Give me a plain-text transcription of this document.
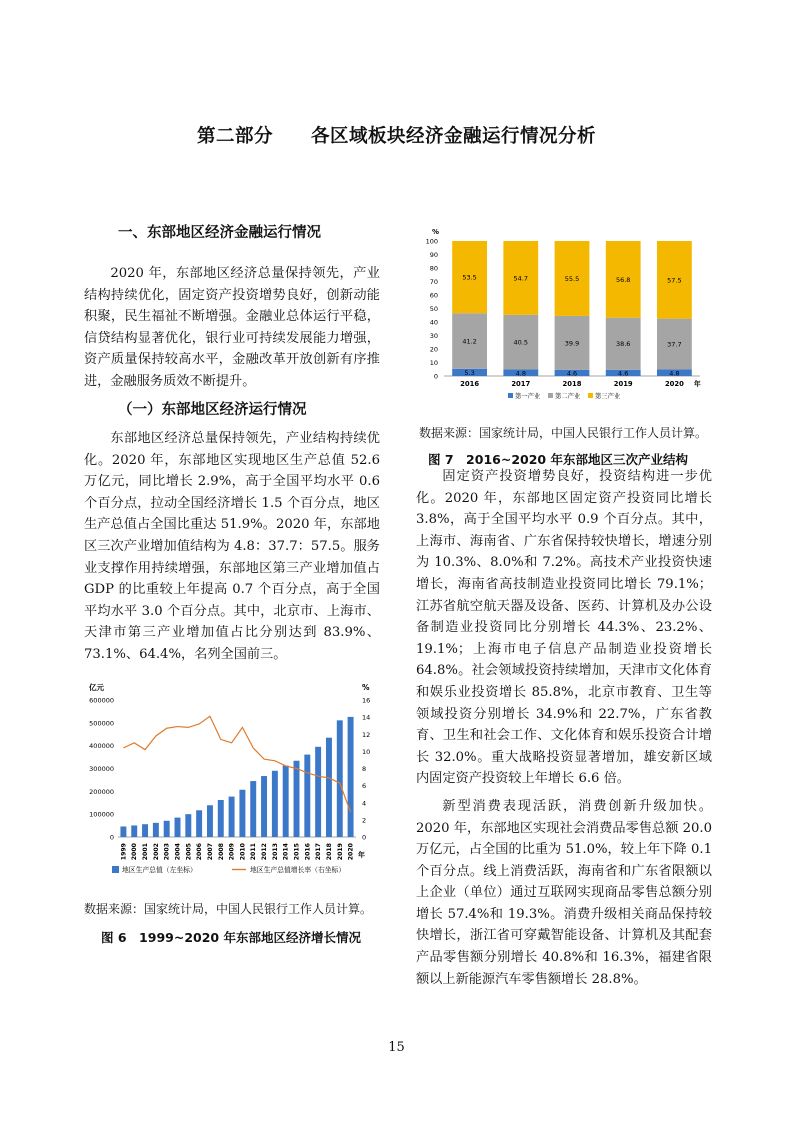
第二部分 各区域板块经济金融运行情况分析
一、东部地区经济金融运行情况

2020 年，东部地区经济总量保持领先，产业结构持续优化，固定资产投资增势良好，创新动能积聚，民生福祉不断增强。金融业总体运行平稳，信贷结构显著优化，银行业可持续发展能力增强，资产质量保持较高水平，金融改革开放创新有序推进，金融服务质效不断提升。

（一）东部地区经济运行情况

东部地区经济总量保持领先，产业结构持续优化。2020 年，东部地区实现地区生产总值 52.6 万亿元，同比增长 2.9%，高于全国平均水平 0.6 个百分点，拉动全国经济增长 1.5 个百分点，地区生产总值占全国比重达 51.9%。2020 年，东部地区三次产业增加值结构为 4.8：37.7：57.5。服务业支撑作用持续增强，东部地区第三产业增加值占 GDP 的比重较上年提高 0.7 个百分点，高于全国平均水平 3.0 个百分点。其中，北京市、上海市、天津市第三产业增加值占比分别达到 83.9%、73.1%、64.4%，名列全国前三。

亿元	%
600000
500000
400000
300000
200000
100000
0
16
14
12
10
8
6
4
2
0
1999 2000 2001 2002 2003 2004 2005 2006 2007 2008 2009 2010 2011 2012 2013 2014 2015 2016 2017 2018 2019 2020 年
地区生产总值（左坐标）	地区生产总值增长率（右坐标）
数据来源：国家统计局，中国人民银行工作人员计算。
图 6　1999~2020 年东部地区经济增长情况
%
100
90
80
70
60
50
40
30
20
10
0
2016	2017	2018	2019	2020 年
第一产业 第二产业 第三产业
5.3
41.2
53.5
4.8
40.5
54.7
4.6
39.9
55.5
4.6
38.6
56.8
4.8
37.7
57.5
数据来源：国家统计局，中国人民银行工作人员计算。
图 7　2016~2020 年东部地区三次产业结构

固定资产投资增势良好，投资结构进一步优化。2020 年，东部地区固定资产投资同比增长 3.8%，高于全国平均水平 0.9 个百分点。其中，上海市、海南省、广东省保持较快增长，增速分别为 10.3%、8.0%和 7.2%。高技术产业投资快速增长，海南省高技制造业投资同比增长 79.1%；江苏省航空航天器及设备、医药、计算机及办公设备制造业投资同比分别增长 44.3%、23.2%、19.1%；上海市电子信息产品制造业投资增长 64.8%。社会领域投资持续增加，天津市文化体育和娱乐业投资增长 85.8%，北京市教育、卫生等领域投资分别增长 34.9%和 22.7%，广东省教育、卫生和社会工作、文化体育和娱乐投资合计增长 32.0%。重大战略投资显著增加，雄安新区域内固定资产投资较上年增长 6.6 倍。

新型消费表现活跃，消费创新升级加快。2020 年，东部地区实现社会消费品零售总额 20.0 万亿元，占全国的比重为 51.0%，较上年下降 0.1 个百分点。线上消费活跃，海南省和广东省限额以上企业（单位）通过互联网实现商品零售总额分别增长 57.4%和 19.3%。消费升级相关商品保持较快增长，浙江省可穿戴智能设备、计算机及其配套产品零售额分别增长 40.8%和 16.3%，福建省限额以上新能源汽车零售额增长 28.8%。

15
